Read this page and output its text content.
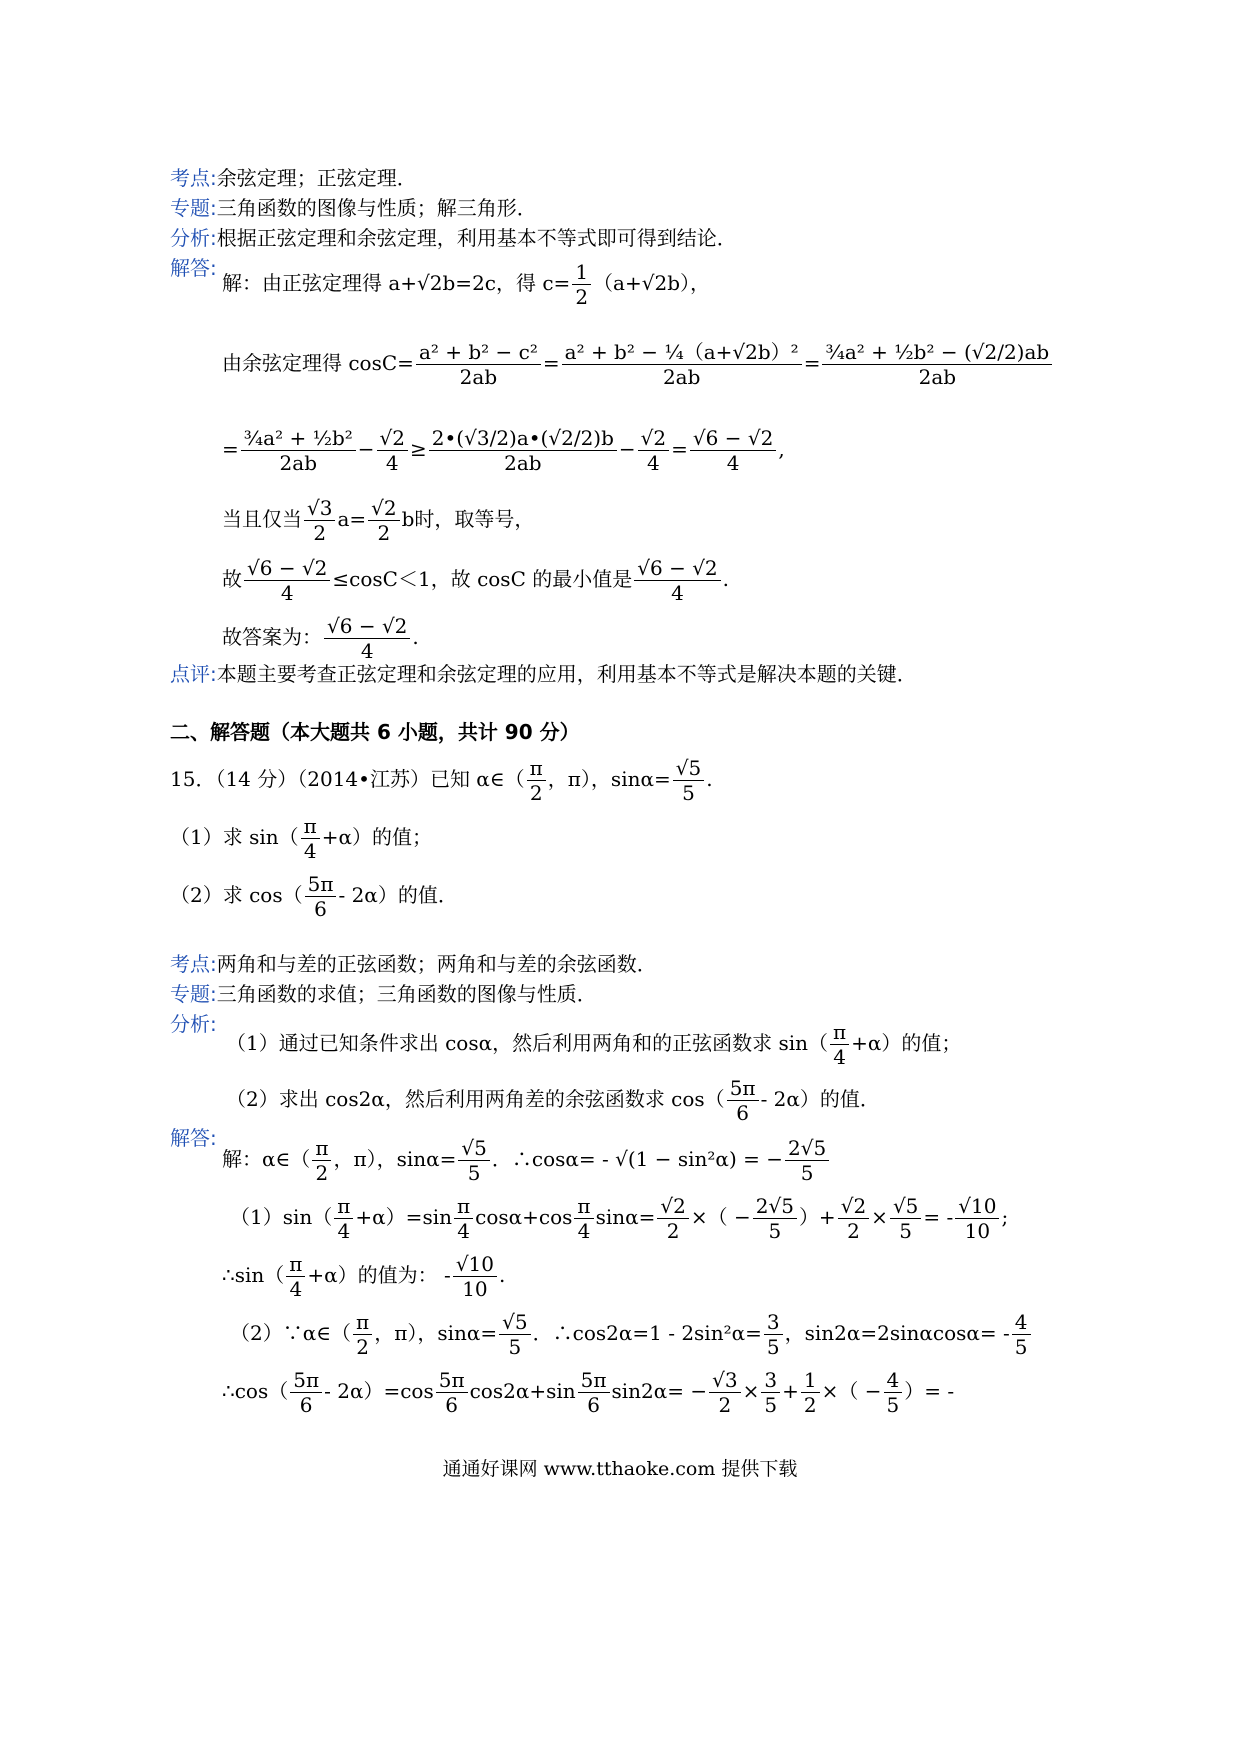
考点:余弦定理；正弦定理．
专题:三角函数的图像与性质；解三角形．
分析:根据正弦定理和余弦定理，利用基本不等式即可得到结论．
解答:
解：由正弦定理得 a+√2b=2c，得 $c= \frac{1}{2} (a+√2b)$，
由余弦定理得 $\cos C= \frac{\text{a² + b² − c²}}{2ab} = \frac{\text{a² + b² − ¼（a+√2b）²}}{2ab} = \frac{\text{¾a² + ½b² − (√2/2)ab}}{2ab}$
= $\frac{\text{¾a² + ½b²}}{2ab} - \frac{√2}{4} \ge \frac{2•(√3/2)a•(√2/2)b}{2ab} - \frac{√2}{4} = \frac{√6 - √2}{4}$ ,
当且仅当 $\frac{√3}{2} a= \frac{√2}{2}$ b时，取等号，
故 $\frac{√6 - √2}{4} \le\cos C<1$，故 cosC 的最小值是 $\frac{√6 - √2}{4}$ .
故答案为： $\frac{√6 - √2}{4}$ .
点评:本题主要考查正弦定理和余弦定理的应用，利用基本不等式是解决本题的关键．
二、解答题（本大题共 6 小题，共计 90 分）
15．（14 分）（2014•江苏）已知 α∈（ $\frac{\pi}{2}$ ，π），$\sin\alpha= \frac{√5}{5}$ .
（1）求 $\sin( \frac{\pi}{4} +\alpha)$的值；
（2）求 $\cos( \frac{5\pi}{6} - 2\alpha)$的值．
考点:两角和与差的正弦函数；两角和与差的余弦函数．
专题:三角函数的求值；三角函数的图像与性质．
分析:
（1）通过已知条件求出 cosα，然后利用两角和的正弦函数求 $\sin( \frac{\pi}{4} +\alpha)$的值；
（2）求出 cos2α，然后利用两角差的余弦函数求 $\cos( \frac{5\pi}{6} - 2\alpha)$的值．
解答:
解：α∈（ $\frac{\pi}{2}$ ，π），$\sin\alpha= \frac{√5}{5}$ ．∴cosα= - √(1 − sin²α) = − $\frac{2√5}{5}$
$(1)\sin( \frac{\pi}{4} +\alpha)=\sin \frac{\pi}{4} \cos\alpha+\cos \frac{\pi}{4} \sin\alpha= \frac{√2}{2}$ ×（ − $\frac{2√5}{5}$ ）+ $\frac{√2}{2} \times \frac{√5}{5}$ = - $\frac{√10}{10}$ ;
∴sin（ $\frac{\pi}{4} +\alpha$）的值为： - $\frac{√10}{10}$ .
（2）∵α∈（ $\frac{\pi}{2}$ ，π），$\sin\alpha= \frac{√5}{5}$ ．∴cos2α=1 - $2\sin^2\alpha= \frac{3}{5}$ ，$\sin 2\alpha=2\sin\alpha\cos\alpha= - \frac{4}{5}$
∴cos（ $\frac{5\pi}{6} - 2\alpha)=\cos \frac{5\pi}{6} \cos 2\alpha+\sin \frac{5\pi}{6} \sin 2\alpha= - \frac{√3}{2} \times \frac{3}{5} + \frac{1}{2}$ ×（ − $\frac{4}{5}$ ）= -
通通好课网 www.tthaoke.com 提供下载
